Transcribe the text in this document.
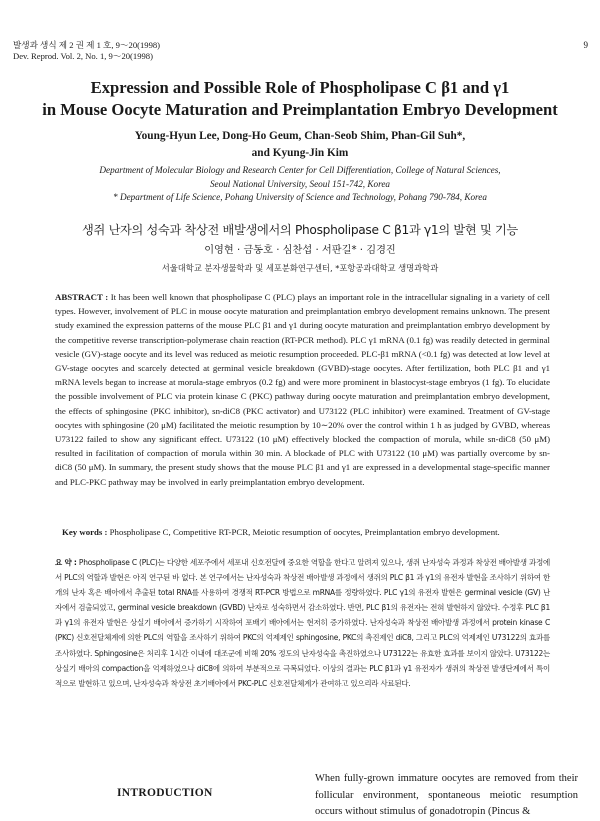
발생과 생식 제 2 권 제 1 호, 9～20(1998)
Dev. Reprod. Vol. 2, No. 1, 9～20(1998)
9
Expression and Possible Role of Phospholipase C β1 and γ1
in Mouse Oocyte Maturation and Preimplantation Embryo Development
Young-Hyun Lee, Dong-Ho Geum, Chan-Seob Shim, Phan-Gil Suh*,
and Kyung-Jin Kim
Department of Molecular Biology and Research Center for Cell Differentiation, College of Natural Sciences,
Seoul National University, Seoul 151-742, Korea
* Department of Life Science, Pohang University of Science and Technology, Pohang 790-784, Korea
생쥐 난자의 성숙과 착상전 배발생에서의 Phospholipase C β1과 γ1의 발현 및 기능
이영현 · 금동호 · 심찬섭 · 서판길* · 김경진
서울대학교 분자생물학과 및 세포분화연구센터, *포항공과대학교 생명과학과
ABSTRACT : It has been well known that phospholipase C (PLC) plays an important role in the intracellular signaling in a variety of cell types. However, involvement of PLC in mouse oocyte maturation and preimplantation embryo development remains unknown. The present study examined the expression patterns of the mouse PLC β1 and γ1 during oocyte maturation and preimplantation embryo development by the competitive reverse transcription-polymerase chain reaction (RT-PCR method). PLC γ1 mRNA (0.1 fg) was readily detected in germinal vesicle (GV)-stage oocyte and its level was reduced as meiotic resumption proceeded. PLC-β1 mRNA (<0.1 fg) was detected at low level at GV-stage oocytes and scarcely detected at germinal vesicle breakdown (GVBD)-stage oocytes. After fertilization, both PLC β1 and γ1 mRNA levels began to increase at morula-stage embryos (0.2 fg) and were more prominent in blastocyst-stage embryos (1 fg). To elucidate the possible involvement of PLC via protein kinase C (PKC) pathway during oocyte maturation and preimplantation embryo development, the effects of sphingosine (PKC inhibitor), sn-diC8 (PKC activator) and U73122 (PLC inhibitor) were examined. Treatment of GV-stage oocytes with sphingosine (20 μM) facilitated the meiotic resumption by 10∼20% over the control within 1 h as judged by GVBD, whereas U73122 failed to show any significant effect. U73122 (10 μM) effectively blocked the compaction of morula, while sn-diC8 (50 μM) resulted in facilitation of compaction of morula within 30 min. A blockade of PLC with U73122 (10 μM) was partially overcome by sn-diC8 (50 μM). In summary, the present study shows that the mouse PLC β1 and γ1 are expressed in a developmental stage-specific manner and PLC-PKC pathway may be involved in early preimplantation embryo development.
Key words : Phospholipase C, Competitive RT-PCR, Meiotic resumption of oocytes, Preimplantation embryo development.
요 약 : Phospholipase C (PLC)는 다양한 세포주에서 세포내 신호전달에 중요한 역할을 한다고 알려져 있으나, 생쥐 난자성숙 과정과 착상전 배아발생 과정에서 PLC의 역할과 발현은 아직 연구된 바 없다. 본 연구에서는 난자성숙과 착상전 배아발생 과정에서 생쥐의 PLC β1 과 γ1의 유전자 발현을 조사하기 위하여 한 개의 난자 혹은 배아에서 추출된 total RNA를 사용하여 경쟁적 RT-PCR 방법으로 mRNA를 정량하였다. PLC γ1의 유전자 발현은 germinal vesicle (GV) 난자에서 검출되었고, germinal vesicle breakdown (GVBD) 난자로 성숙하면서 감소하였다. 반면, PLC β1의 유전자는 전혀 발현하지 않았다. 수정후 PLC β1과 γ1의 유전자 발현은 상실기 배아에서 증가하기 시작하여 포배기 배아에서는 현저히 증가하였다. 난자성숙과 착상전 배아발생 과정에서 protein kinase C (PKC) 신호전달체계에 의한 PLC의 역할을 조사하기 위하여 PKC의 억제제인 sphingosine, PKC의 촉진제인 diC8, 그리고 PLC의 억제제인 U73122의 효과를 조사하였다. Sphingosine은 처리후 1시간 이내에 대조군에 비해 20% 정도의 난자성숙을 촉진하였으나 U73122는 유효한 효과를 보이지 않았다. U73122는 상실기 배아의 compaction을 억제하였으나 diC8에 의하여 부분적으로 극복되었다. 이상의 결과는 PLC β1과 γ1 유전자가 생쥐의 착상전 발생단계에서 특이적으로 발현하고 있으며, 난자성숙과 착상전 초기배아에서 PKC-PLC 신호전달체계가 관여하고 있으리라 사료된다.
INTRODUCTION
When fully-grown immature oocytes are removed from their follicular environment, spontaneous meiotic resumption occurs without stimulus of gonadotropin (Pincus &
